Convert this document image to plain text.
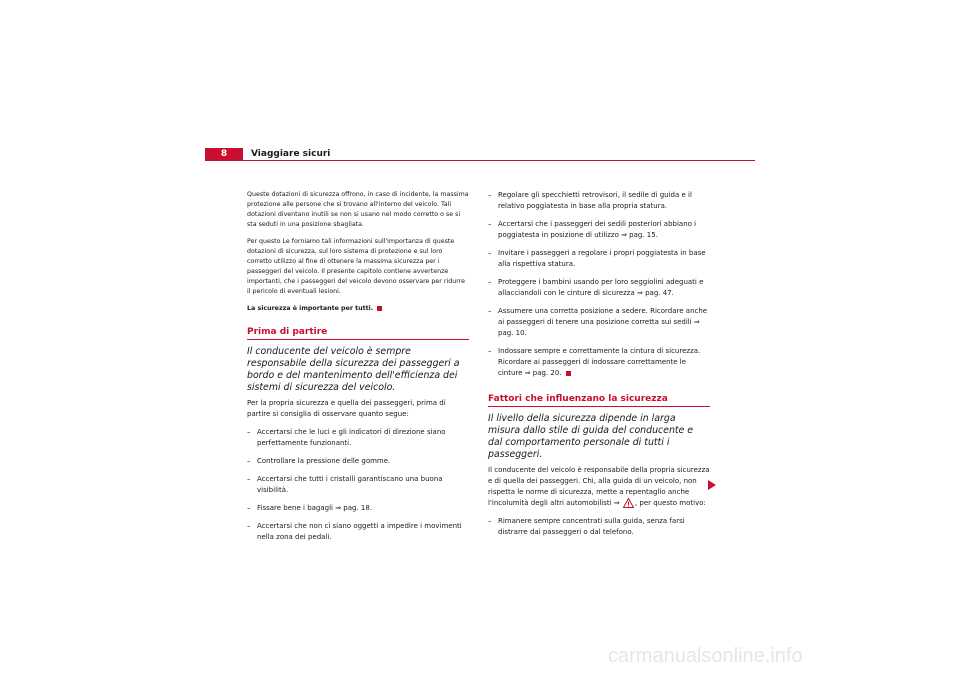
8	Viaggiare sicuri

Queste dotazioni di sicurezza offrono, in caso di incidente, la massima protezione alle persone che si trovano all'interno del veicolo. Tali dotazioni diventano inutili se non si usano nel modo corretto o se si sta seduti in una posizione sbagliata.

Per questo Le forniamo tali informazioni sull'importanza di queste dotazioni di sicurezza, sul loro sistema di protezione e sul loro corretto utilizzo al fine di ottenere la massima sicurezza per i passeggeri del veicolo. Il presente capitolo contiene avvertenze importanti, che i passeggeri del veicolo devono osservare per ridurre il pericolo di eventuali lesioni.

La sicurezza è importante per tutti.

Prima di partire

Il conducente del veicolo è sempre responsabile della sicurezza dei passeggeri a bordo e del mantenimento dell'efficienza dei sistemi di sicurezza del veicolo.

Per la propria sicurezza e quella dei passeggeri, prima di partire si consiglia di osservare quanto segue:

– Accertarsi che le luci e gli indicatori di direzione siano perfettamente funzionanti.
– Controllare la pressione delle gomme.
– Accertarsi che tutti i cristalli garantiscano una buona visibilità.
– Fissare bene i bagagli ⇒ pag. 18.
– Accertarsi che non ci siano oggetti a impedire i movimenti nella zona dei pedali.
– Regolare gli specchietti retrovisori, il sedile di guida e il relativo poggiatesta in base alla propria statura.
– Accertarsi che i passeggeri dei sedili posteriori abbiano i poggiatesta in posizione di utilizzo ⇒ pag. 15.
– Invitare i passeggeri a regolare i propri poggiatesta in base alla rispettiva statura.
– Proteggere i bambini usando per loro seggiolini adeguati e allacciandoli con le cinture di sicurezza ⇒ pag. 47.
– Assumere una corretta posizione a sedere. Ricordare anche ai passeggeri di tenere una posizione corretta sui sedili ⇒ pag. 10.
– Indossare sempre e correttamente la cintura di sicurezza. Ricordare ai passeggeri di indossare correttamente le cinture ⇒ pag. 20.
Fattori che influenzano la sicurezza

Il livello della sicurezza dipende in larga misura dallo stile di guida del conducente e dal comportamento personale di tutti i passeggeri.

Il conducente del veicolo è responsabile della propria sicurezza e di quella dei passeggeri. Chi, alla guida di un veicolo, non rispetta le norme di sicurezza, mette a repentaglio anche l'incolumità degli altri automobilisti ⇒ , per questo motivo:

– Rimanere sempre concentrati sulla guida, senza farsi distrarre dai passeggeri o dal telefono.
carmanualsonline.info
